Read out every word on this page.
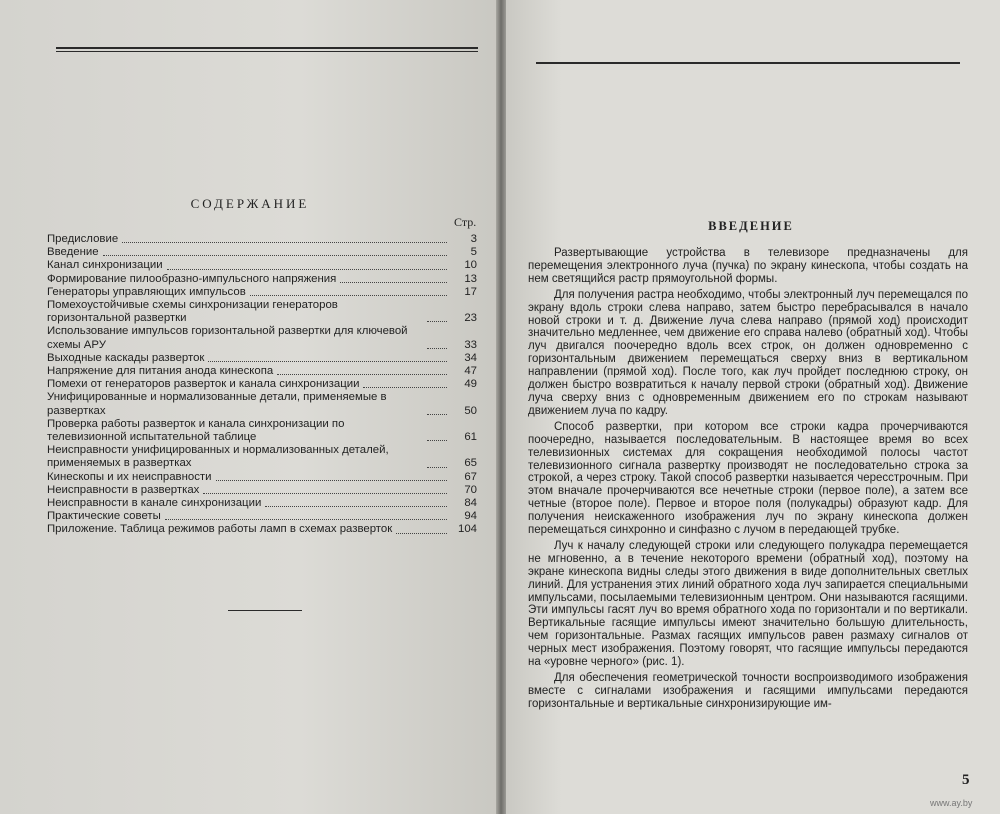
СОДЕРЖАНИЕ
Стр.
Предисловие	3
Введение	5
Канал синхронизации	10
Формирование пилообразно-импульсного напряжения	13
Генераторы управляющих импульсов	17
Помехоустойчивые схемы синхронизации генераторов горизонтальной развертки	23
Использование импульсов горизонтальной развертки для ключевой схемы АРУ	33
Выходные каскады разверток	34
Напряжение для питания анода кинескопа	47
Помехи от генераторов разверток и канала синхронизации	49
Унифицированные и нормализованные детали, применяемые в развертках	50
Проверка работы разверток и канала синхронизации по телевизионной испытательной таблице	61
Неисправности унифицированных и нормализованных деталей, применяемых в развертках	65
Кинескопы и их неисправности	67
Неисправности в развертках	70
Неисправности в канале синхронизации	84
Практические советы	94
Приложение. Таблица режимов работы ламп в схемах разверток	104
ВВЕДЕНИЕ

Развертывающие устройства в телевизоре предназначены для перемещения электронного луча (пучка) по экрану кинескопа, чтобы создать на нем светящийся растр прямоугольной формы.

Для получения растра необходимо, чтобы электронный луч перемещался по экрану вдоль строки слева направо, затем быстро перебрасывался в начало новой строки и т. д. Движение луча слева направо (прямой ход) происходит значительно медленнее, чем движение его справа налево (обратный ход). Чтобы луч двигался поочередно вдоль всех строк, он должен одновременно с горизонтальным движением перемещаться сверху вниз в вертикальном направлении (прямой ход). После того, как луч пройдет последнюю строку, он должен быстро возвратиться к началу первой строки (обратный ход). Движение луча сверху вниз с одновременным движением его по строкам называют движением луча по кадру.

Способ развертки, при котором все строки кадра прочерчиваются поочередно, называется последовательным. В настоящее время во всех телевизионных системах для сокращения необходимой полосы частот телевизионного сигнала развертку производят не последовательно строка за строкой, а через строку. Такой способ развертки называется чересстрочным. При этом вначале прочерчиваются все нечетные строки (первое поле), а затем все четные (второе поле). Первое и второе поля (полукадры) образуют кадр. Для получения неискаженного изображения луч по экрану кинескопа должен перемещаться синхронно и синфазно с лучом в передающей трубке.

Луч к началу следующей строки или следующего полукадра перемещается не мгновенно, а в течение некоторого времени (обратный ход), поэтому на экране кинескопа видны следы этого движения в виде дополнительных светлых линий. Для устранения этих линий обратного хода луч запирается специальными импульсами, посылаемыми телевизионным центром. Они называются гасящими. Эти импульсы гасят луч во время обратного хода по горизонтали и по вертикали. Вертикальные гасящие импульсы имеют значительно большую длительность, чем горизонтальные. Размах гасящих импульсов равен размаху сигналов от черных мест изображения. Поэтому говорят, что гасящие импульсы передаются на «уровне черного» (рис. 1).

Для обеспечения геометрической точности воспроизводимого изображения вместе с сигналами изображения и гасящими импульсами передаются горизонтальные и вертикальные синхронизирующие им-

5
www.ay.by
